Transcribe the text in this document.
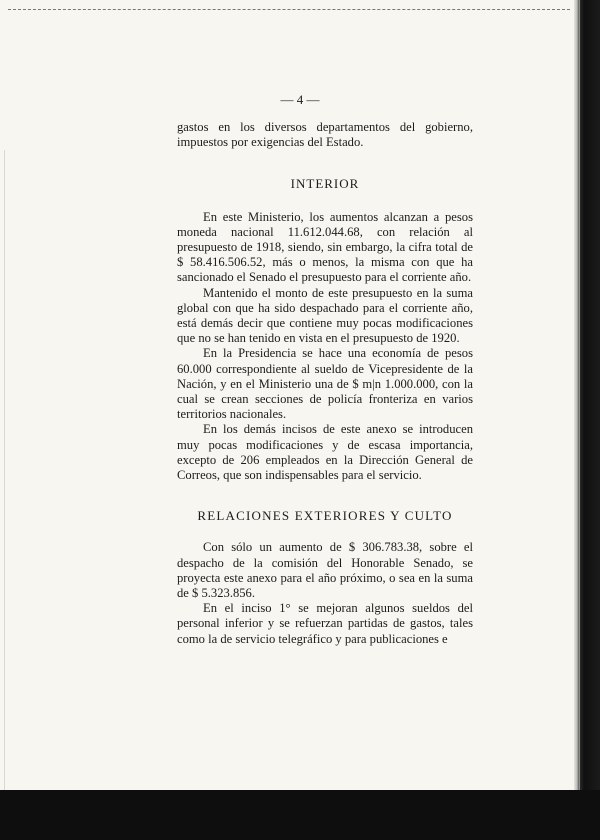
— 4 —

gastos en los diversos departamentos del gobierno, impuestos por exigencias del Estado.

INTERIOR

En este Ministerio, los aumentos alcanzan a pesos moneda nacional 11.612.044.68, con relación al presupuesto de 1918, siendo, sin embargo, la cifra total de $ 58.416.506.52, más o menos, la misma con que ha sancionado el Senado el presupuesto para el corriente año.

Mantenido el monto de este presupuesto en la suma global con que ha sido despachado para el corriente año, está demás decir que contiene muy pocas modificaciones que no se han tenido en vista en el presupuesto de 1920.

En la Presidencia se hace una economía de pesos 60.000 correspondiente al sueldo de Vicepresidente de la Nación, y en el Ministerio una de $ m|n 1.000.000, con la cual se crean secciones de policía fronteriza en varios territorios nacionales.

En los demás incisos de este anexo se introducen muy pocas modificaciones y de escasa importancia, excepto de 206 empleados en la Dirección General de Correos, que son indispensables para el servicio.

RELACIONES EXTERIORES Y CULTO

Con sólo un aumento de $ 306.783.38, sobre el despacho de la comisión del Honorable Senado, se proyecta este anexo para el año próximo, o sea en la suma de $ 5.323.856.

En el inciso 1° se mejoran algunos sueldos del personal inferior y se refuerzan partidas de gastos, tales como la de servicio telegráfico y para publicaciones e
